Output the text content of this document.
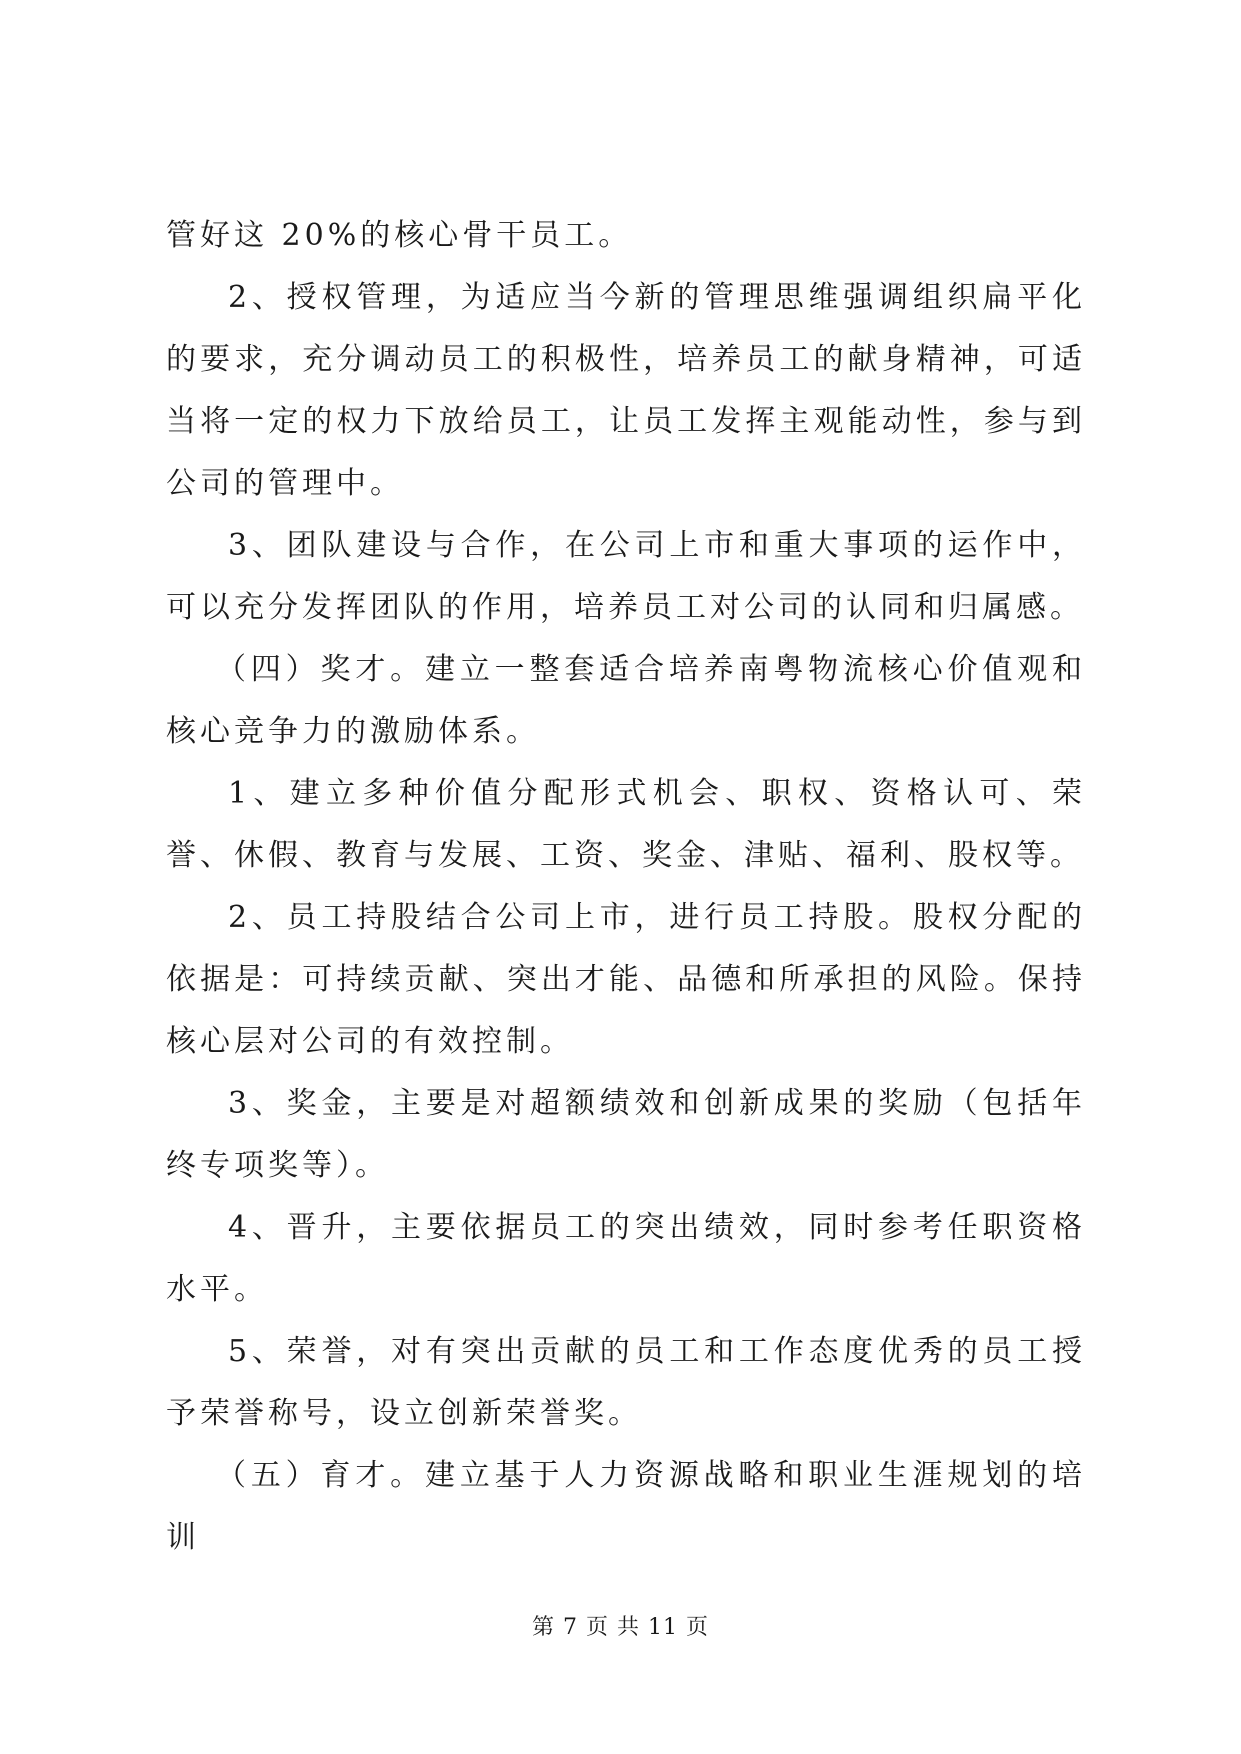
管好这 20%的核心骨干员工。

2、授权管理，为适应当今新的管理思维强调组织扁平化的要求，充分调动员工的积极性，培养员工的献身精神，可适当将一定的权力下放给员工，让员工发挥主观能动性，参与到公司的管理中。

3、团队建设与合作，在公司上市和重大事项的运作中，可以充分发挥团队的作用，培养员工对公司的认同和归属感。

（四）奖才。建立一整套适合培养南粤物流核心价值观和核心竞争力的激励体系。

1、建立多种价值分配形式机会、职权、资格认可、荣誉、休假、教育与发展、工资、奖金、津贴、福利、股权等。

2、员工持股结合公司上市，进行员工持股。股权分配的依据是：可持续贡献、突出才能、品德和所承担的风险。保持核心层对公司的有效控制。

3、奖金，主要是对超额绩效和创新成果的奖励（包括年终专项奖等）。

4、晋升，主要依据员工的突出绩效，同时参考任职资格水平。

5、荣誉，对有突出贡献的员工和工作态度优秀的员工授予荣誉称号，设立创新荣誉奖。

（五）育才。建立基于人力资源战略和职业生涯规划的培训

第 7 页 共 11 页
